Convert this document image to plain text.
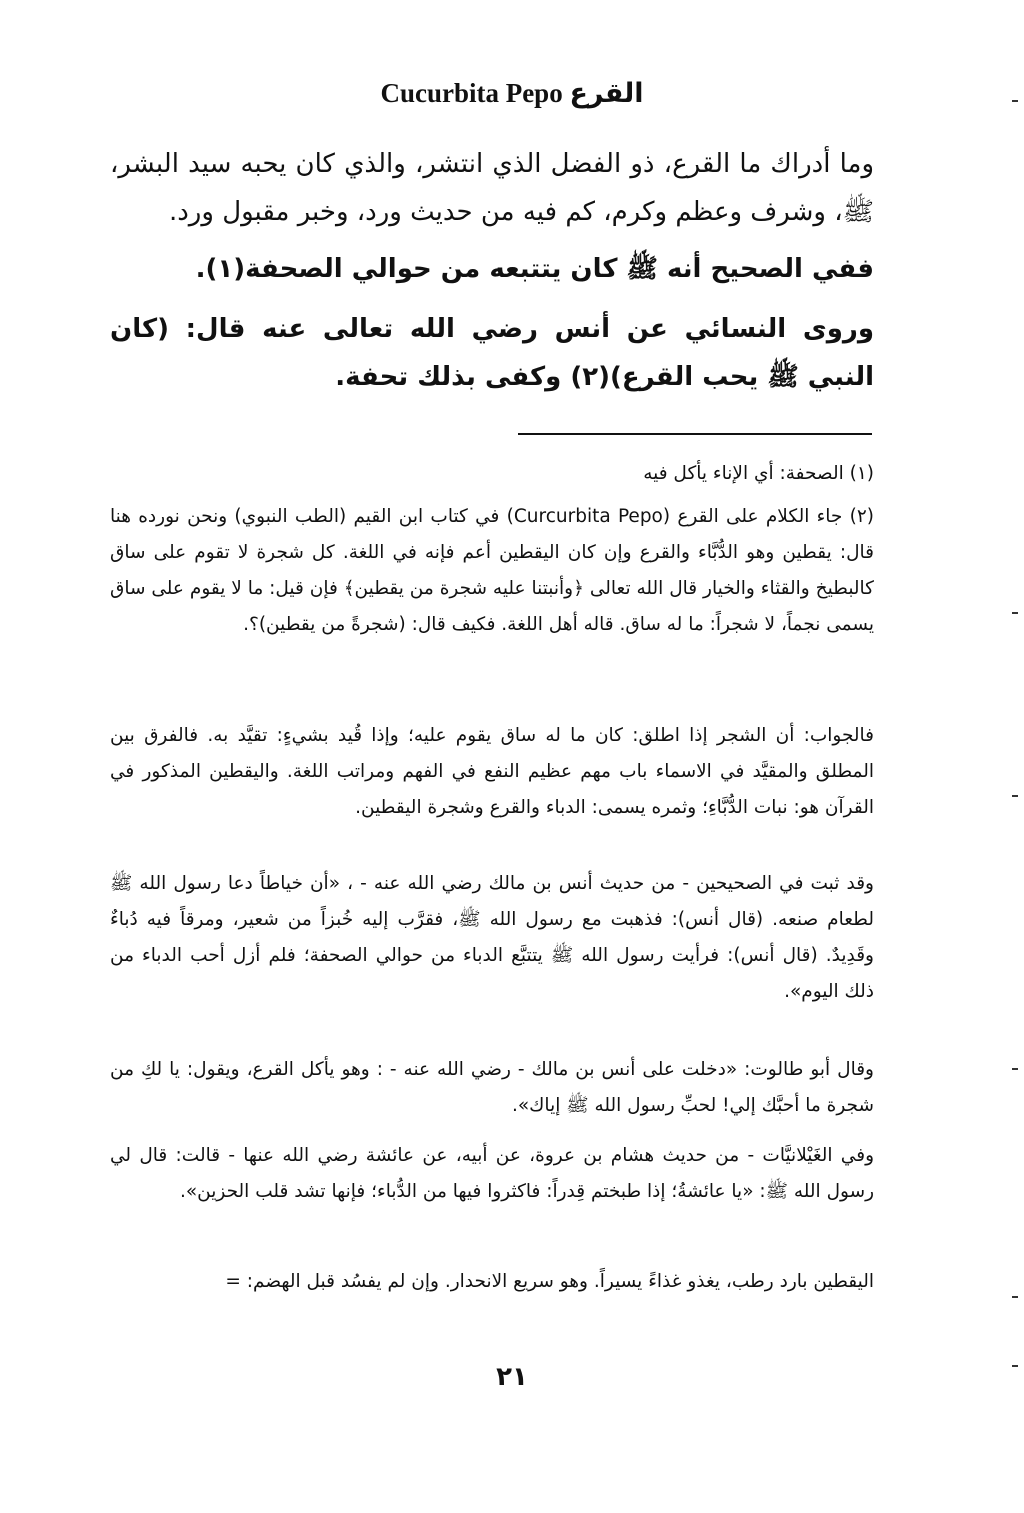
Cucurbita Pepo القرع

وما أدراك ما القرع، ذو الفضل الذي انتشر، والذي كان يحبه سيد البشر، ﷺ، وشرف وعظم وكرم، كم فيه من حديث ورد، وخبر مقبول ورد.

ففي الصحيح أنه ﷺ كان يتتبعه من حوالي الصحفة(١).

وروى النسائي عن أنس رضي الله تعالى عنه قال: (كان النبي ﷺ يحب القرع)(٢) وكفى بذلك تحفة.

(١) الصحفة: أي الإناء يأكل فيه

(٢) جاء الكلام على القرع (Curcurbita Pepo) في كتاب ابن القيم (الطب النبوي) ونحن نورده هنا قال: يقطين وهو الدُّبَّاء والقرع وإن كان اليقطين أعم فإنه في اللغة. كل شجرة لا تقوم على ساق كالبطيخ والقثاء والخيار قال الله تعالى ﴿وأنبتنا عليه شجرة من يقطين﴾ فإن قيل: ما لا يقوم على ساق يسمى نجماً، لا شجراً: ما له ساق. قاله أهل اللغة. فكيف قال: (شجرةً من يقطين)؟.

فالجواب: أن الشجر إذا اطلق: كان ما له ساق يقوم عليه؛ وإذا قُيد بشيءٍ: تقيَّد به. فالفرق بين المطلق والمقيَّد في الاسماء باب مهم عظيم النفع في الفهم ومراتب اللغة. واليقطين المذكور في القرآن هو: نبات الدُّبَّاءِ؛ وثمره يسمى: الدباء والقرع وشجرة اليقطين.

وقد ثبت في الصحيحين - من حديث أنس بن مالك رضي الله عنه - ، «أن خياطاً دعا رسول الله ﷺ لطعام صنعه. (قال أنس): فذهبت مع رسول الله ﷺ، فقرَّب إليه خُبزاً من شعير، ومرقاً فيه دُباءٌ وقَدِيدٌ. (قال أنس): فرأيت رسول الله ﷺ يتتبَّع الدباء من حوالي الصحفة؛ فلم أزل أحب الدباء من ذلك اليوم».

وقال أبو طالوت: «دخلت على أنس بن مالك - رضي الله عنه - : وهو يأكل القرع، ويقول: يا لكِ من شجرة ما أحبَّك إلي! لحبِّ رسول الله ﷺ إياك».

وفي الغَيْلانيَّات - من حديث هشام بن عروة، عن أبيه، عن عائشة رضي الله عنها - قالت: قال لي رسول الله ﷺ: «يا عائشةُ؛ إذا طبختم قِدراً: فاكثروا فيها من الدُّباء؛ فإنها تشد قلب الحزين».

اليقطين بارد رطب، يغذو غذاءً يسيراً. وهو سريع الانحدار. وإن لم يفسُد قبل الهضم: =

٢١
